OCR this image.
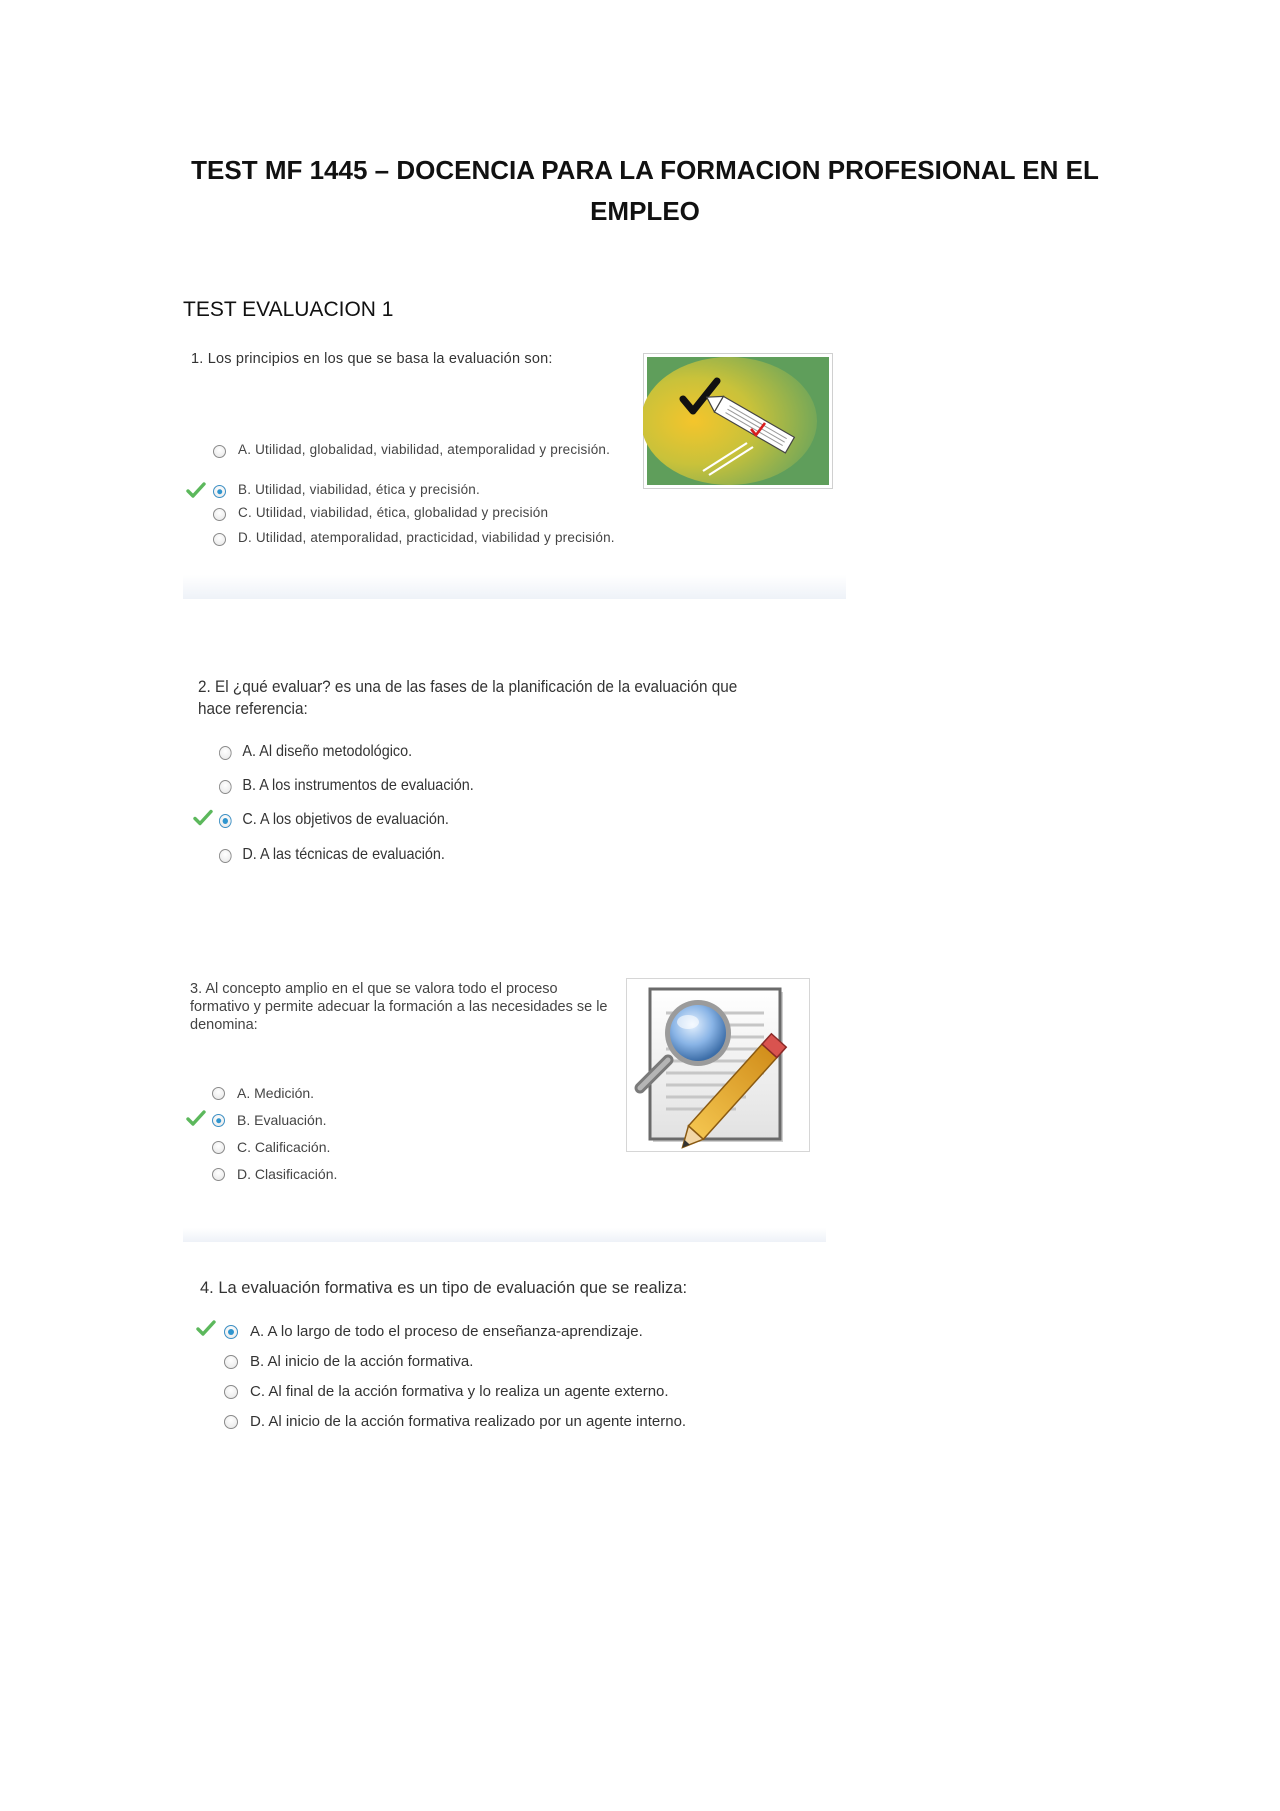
TEST MF 1445 – DOCENCIA PARA LA FORMACION PROFESIONAL EN EL
EMPLEO
TEST EVALUACION 1
1. Los principios en los que se basa la evaluación son:
A. Utilidad, globalidad, viabilidad, atemporalidad y precisión.
B. Utilidad, viabilidad, ética y precisión.
C. Utilidad, viabilidad, ética, globalidad y precisión
D. Utilidad, atemporalidad, practicidad, viabilidad y precisión.
2. El ¿qué evaluar? es una de las fases de la planificación de la evaluación que hace referencia:
A. Al diseño metodológico.
B. A los instrumentos de evaluación.
C. A los objetivos de evaluación.
D. A las técnicas de evaluación.
3. Al concepto amplio en el que se valora todo el proceso formativo y permite adecuar la formación a las necesidades se le denomina:
A. Medición.
B. Evaluación.
C. Calificación.
D. Clasificación.
4. La evaluación formativa es un tipo de evaluación que se realiza:
A. A lo largo de todo el proceso de enseñanza-aprendizaje.
B. Al inicio de la acción formativa.
C. Al final de la acción formativa y lo realiza un agente externo.
D. Al inicio de la acción formativa realizado por un agente interno.
